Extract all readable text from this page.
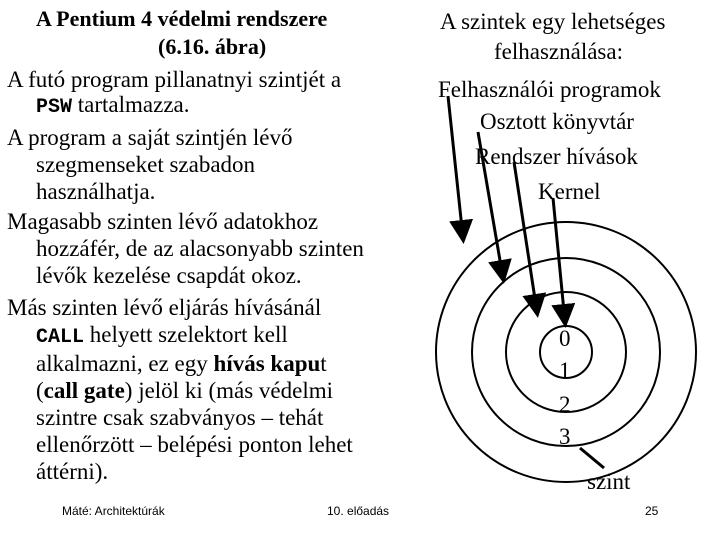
A Pentium 4 védelmi rendszere
(6.16. ábra)
A futó program pillanatnyi szintjét a
PSW tartalmazza.
A program a saját szintjén lévő
szegmenseket szabadon
használhatja.
Magasabb szinten lévő adatokhoz
hozzáfér, de az alacsonyabb szinten
lévők kezelése csapdát okoz.
Más szinten lévő eljárás hívásánál
CALL helyett szelektort kell
alkalmazni, ez egy hívás kaput
(call gate) jelöl ki (más védelmi
szintre csak szabványos – tehát
ellenőrzött – belépési ponton lehet
áttérni).
A szintek egy lehetséges
felhasználása:
Felhasználói programok
Osztott könyvtár
Rendszer hívások
Kernel
0
1
2
3
szint
Máté: Architektúrák	10. előadás	25
